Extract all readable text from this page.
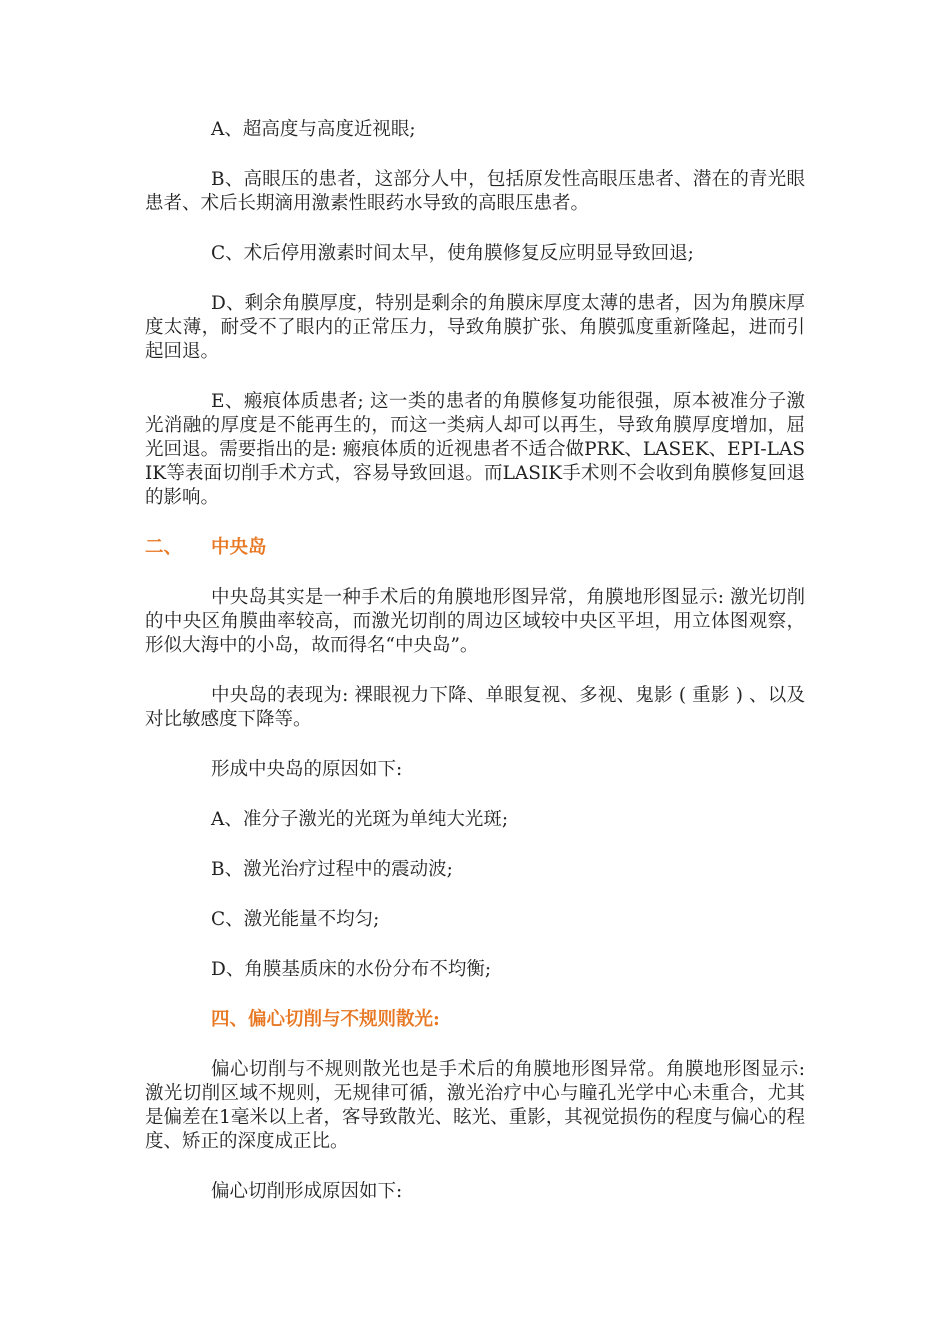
A、超高度与高度近视眼;

B、高眼压的患者，这部分人中，包括原发性高眼压患者、潜在的青光眼患者、术后长期滴用激素性眼药水导致的高眼压患者。

C、术后停用激素时间太早，使角膜修复反应明显导致回退;

D、剩余角膜厚度，特别是剩余的角膜床厚度太薄的患者，因为角膜床厚度太薄，耐受不了眼内的正常压力，导致角膜扩张、角膜弧度重新隆起，进而引起回退。

E、瘢痕体质患者; 这一类的患者的角膜修复功能很强，原本被准分子激光消融的厚度是不能再生的，而这一类病人却可以再生，导致角膜厚度增加，屈光回退。需要指出的是: 瘢痕体质的近视患者不适合做PRK、LASEK、EPI-LASIK等表面切削手术方式，容易导致回退。而LASIK手术则不会收到角膜修复回退的影响。

二、 中央岛

中央岛其实是一种手术后的角膜地形图异常，角膜地形图显示: 激光切削的中央区角膜曲率较高，而激光切削的周边区域较中央区平坦，用立体图观察，形似大海中的小岛，故而得名“中央岛”。

中央岛的表现为: 裸眼视力下降、单眼复视、多视、鬼影 ( 重影 ) 、以及对比敏感度下降等。

形成中央岛的原因如下:

A、准分子激光的光斑为单纯大光斑;

B、激光治疗过程中的震动波;

C、激光能量不均匀;

D、角膜基质床的水份分布不均衡;

四、偏心切削与不规则散光:

偏心切削与不规则散光也是手术后的角膜地形图异常。角膜地形图显示: 激光切削区域不规则，无规律可循，激光治疗中心与瞳孔光学中心未重合，尤其是偏差在1毫米以上者，客导致散光、眩光、重影，其视觉损伤的程度与偏心的程度、矫正的深度成正比。

偏心切削形成原因如下:
